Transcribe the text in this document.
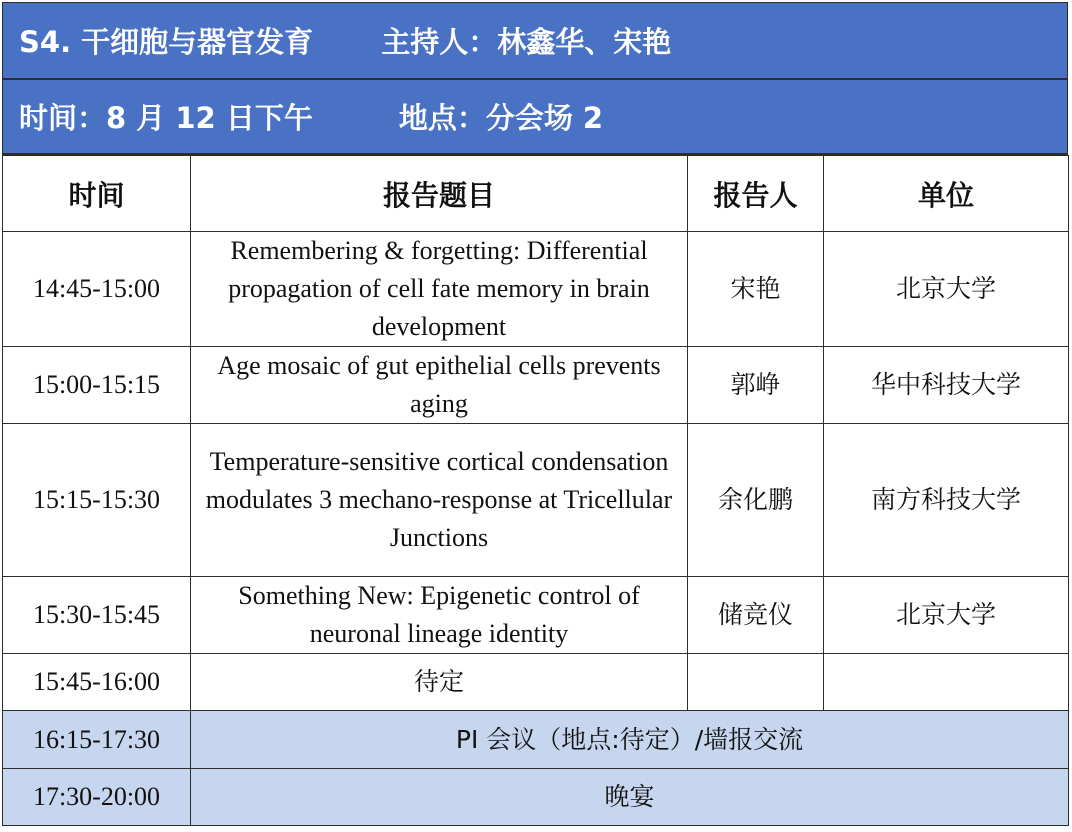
S4. 干细胞与器官发育 主持人：林鑫华、宋艳
时间：8 月 12 日下午	地点：分会场 2
时间	报告题目	报告人	单位
14:45-15:00	Remembering & forgetting: Differential propagation of cell fate memory in brain development	宋艳	北京大学
15:00-15:15	Age mosaic of gut epithelial cells prevents aging	郭峥	华中科技大学
15:15-15:30	Temperature-sensitive cortical condensation modulates 3 mechano-response at Tricellular Junctions	余化鹏	南方科技大学
15:30-15:45	Something New: Epigenetic control of neuronal lineage identity	储竞仪	北京大学
15:45-16:00	待定		
16:15-17:30	PI 会议（地点:待定）/墙报交流		
17:30-20:00	晚宴		
